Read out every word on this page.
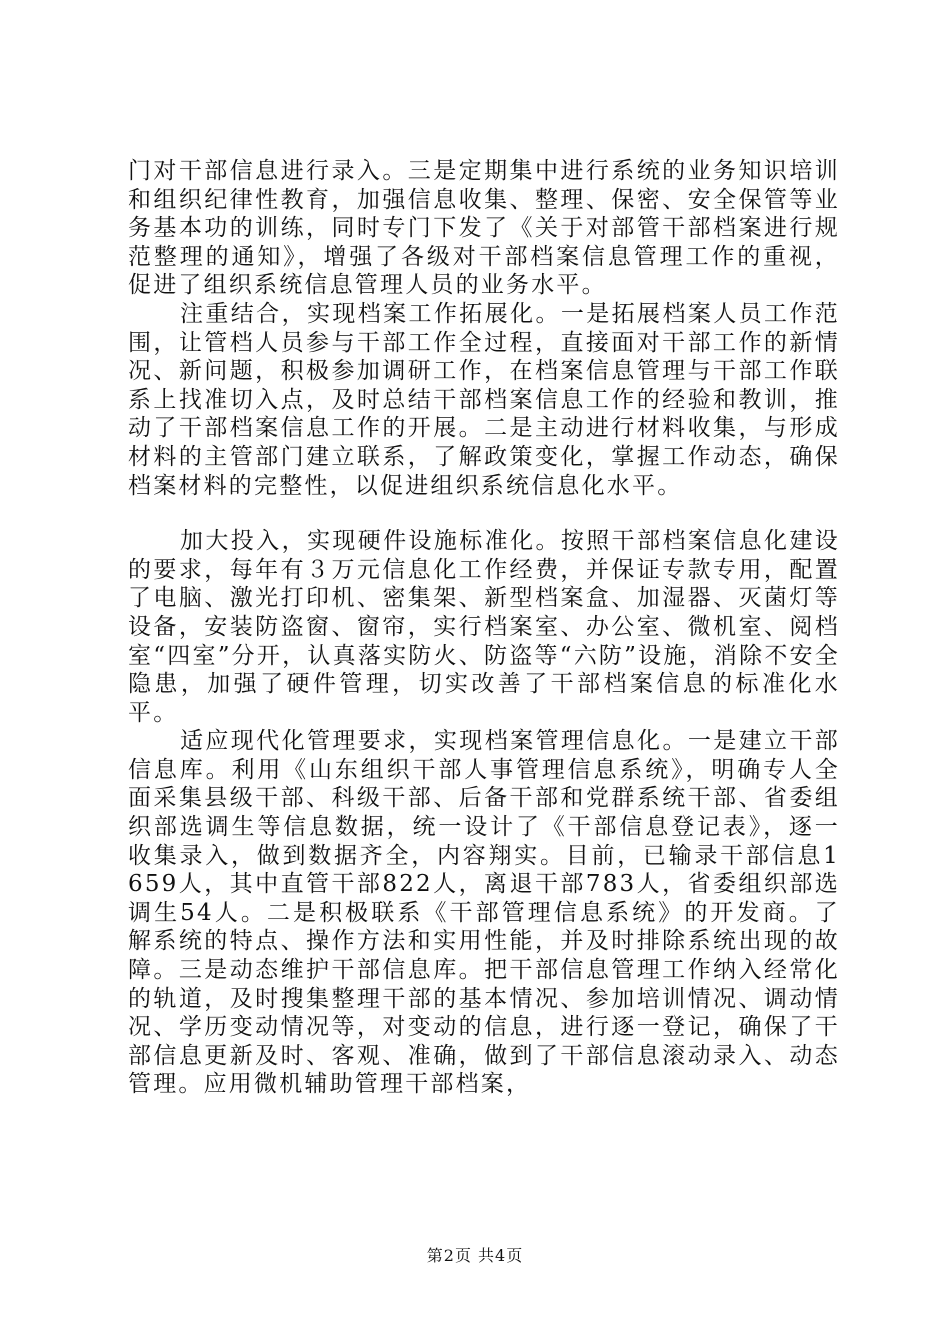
门对干部信息进行录入。三是定期集中进行系统的业务知识培训和组织纪律性教育，加强信息收集、整理、保密、安全保管等业务基本功的训练，同时专门下发了《关于对部管干部档案进行规范整理的通知》，增强了各级对干部档案信息管理工作的重视，促进了组织系统信息管理人员的业务水平。

注重结合，实现档案工作拓展化。一是拓展档案人员工作范围，让管档人员参与干部工作全过程，直接面对干部工作的新情况、新问题，积极参加调研工作，在档案信息管理与干部工作联系上找准切入点，及时总结干部档案信息工作的经验和教训，推动了干部档案信息工作的开展。二是主动进行材料收集，与形成材料的主管部门建立联系，了解政策变化，掌握工作动态，确保档案材料的完整性，以促进组织系统信息化水平。

加大投入，实现硬件设施标准化。按照干部档案信息化建设的要求，每年有３万元信息化工作经费，并保证专款专用，配置了电脑、激光打印机、密集架、新型档案盒、加湿器、灭菌灯等设备，安装防盗窗、窗帘，实行档案室、办公室、微机室、阅档室“四室”分开，认真落实防火、防盗等“六防”设施，消除不安全隐患，加强了硬件管理，切实改善了干部档案信息的标准化水平。

适应现代化管理要求，实现档案管理信息化。一是建立干部信息库。利用《山东组织干部人事管理信息系统》，明确专人全面采集县级干部、科级干部、后备干部和党群系统干部、省委组织部选调生等信息数据，统一设计了《干部信息登记表》，逐一收集录入，做到数据齐全，内容翔实。目前，已输录干部信息1659人，其中直管干部822人，离退干部783人，省委组织部选调生54人。二是积极联系《干部管理信息系统》的开发商。了解系统的特点、操作方法和实用性能，并及时排除系统出现的故障。三是动态维护干部信息库。把干部信息管理工作纳入经常化的轨道，及时搜集整理干部的基本情况、参加培训情况、调动情况、学历变动情况等，对变动的信息，进行逐一登记，确保了干部信息更新及时、客观、准确，做到了干部信息滚动录入、动态管理。应用微机辅助管理干部档案，

第2页 共4页
